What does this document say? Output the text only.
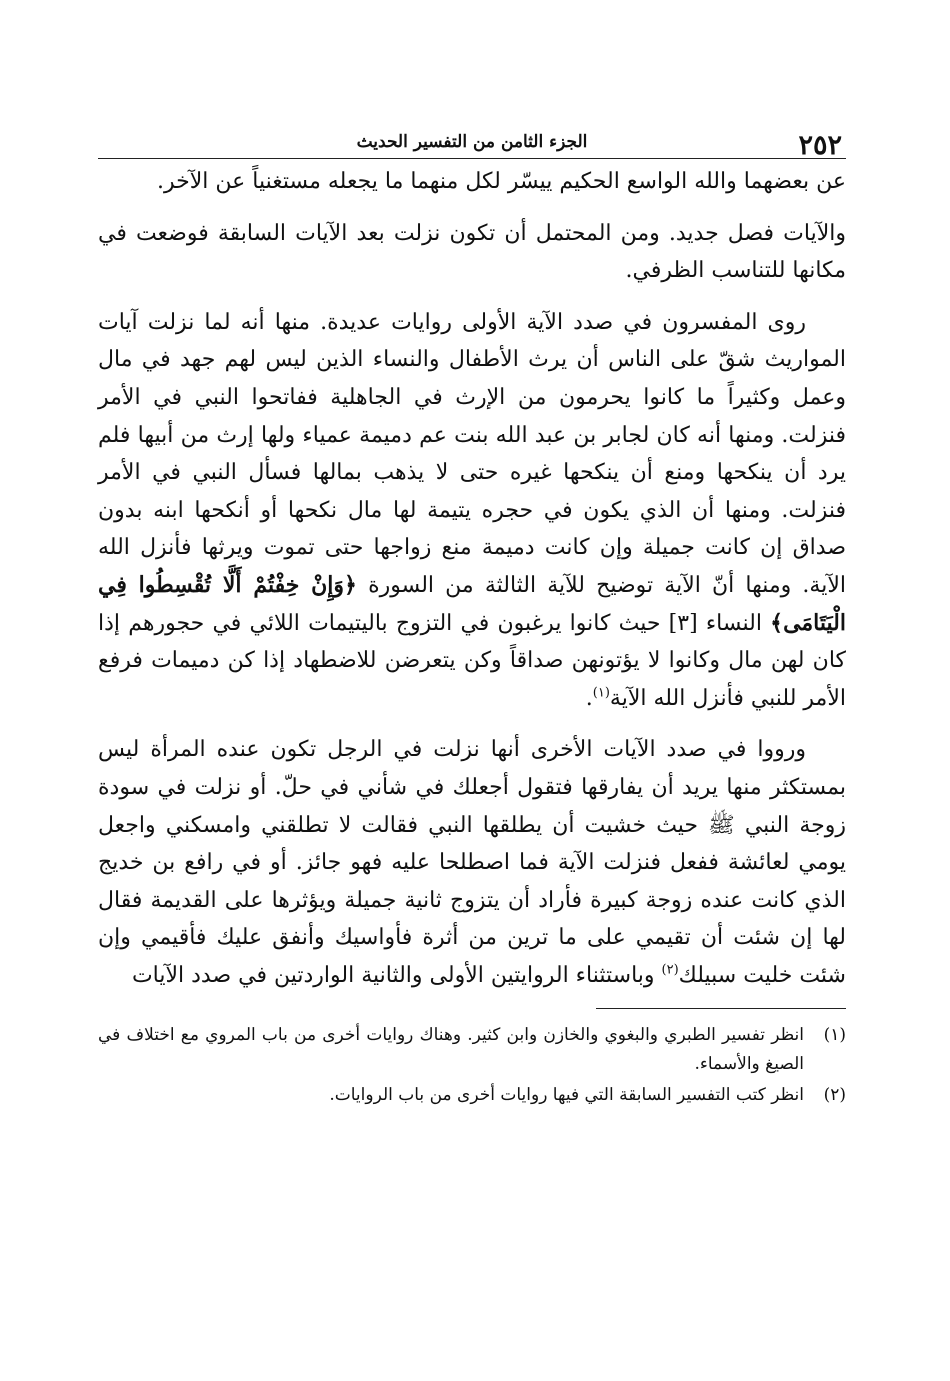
٢٥٢
الجزء الثامن من التفسير الحديث

عن بعضهما والله الواسع الحكيم ييسّر لكل منهما ما يجعله مستغنياً عن الآخر.

والآيات فصل جديد. ومن المحتمل أن تكون نزلت بعد الآيات السابقة فوضعت في مكانها للتناسب الظرفي.

روى المفسرون في صدد الآية الأولى روايات عديدة. منها أنه لما نزلت آيات المواريث شقّ على الناس أن يرث الأطفال والنساء الذين ليس لهم جهد في مال وعمل وكثيراً ما كانوا يحرمون من الإرث في الجاهلية ففاتحوا النبي في الأمر فنزلت. ومنها أنه كان لجابر بن عبد الله بنت عم دميمة عمياء ولها إرث من أبيها فلم يرد أن ينكحها ومنع أن ينكحها غيره حتى لا يذهب بمالها فسأل النبي في الأمر فنزلت. ومنها أن الذي يكون في حجره يتيمة لها مال نكحها أو أنكحها ابنه بدون صداق إن كانت جميلة وإن كانت دميمة منع زواجها حتى تموت ويرثها فأنزل الله الآية. ومنها أنّ الآية توضيح للآية الثالثة من السورة ﴿وَإِنْ خِفْتُمْ أَلَّا تُقْسِطُوا فِي الْيَتَامَى﴾ النساء [٣] حيث كانوا يرغبون في التزوج باليتيمات اللائي في حجورهم إذا كان لهن مال وكانوا لا يؤتونهن صداقاً وكن يتعرضن للاضطهاد إذا كن دميمات فرفع الأمر للنبي فأنزل الله الآية$^{(١)}$.

ورووا في صدد الآيات الأخرى أنها نزلت في الرجل تكون عنده المرأة ليس بمستكثر منها يريد أن يفارقها فتقول أجعلك في شأني في حلّ. أو نزلت في سودة زوجة النبي ﷺ حيث خشيت أن يطلقها النبي فقالت لا تطلقني وامسكني واجعل يومي لعائشة ففعل فنزلت الآية فما اصطلحا عليه فهو جائز. أو في رافع بن خديج الذي كانت عنده زوجة كبيرة فأراد أن يتزوج ثانية جميلة ويؤثرها على القديمة فقال لها إن شئت أن تقيمي على ما ترين من أثرة فأواسيك وأنفق عليك فأقيمي وإن شئت خليت سبيلك$^{(٢)}$ وباستثناء الروايتين الأولى والثانية الواردتين في صدد الآيات

(١)
انظر تفسير الطبري والبغوي والخازن وابن كثير. وهناك روايات أخرى من باب المروي مع اختلاف في الصيغ والأسماء.
(٢)
انظر كتب التفسير السابقة التي فيها روايات أخرى من باب الروايات.
